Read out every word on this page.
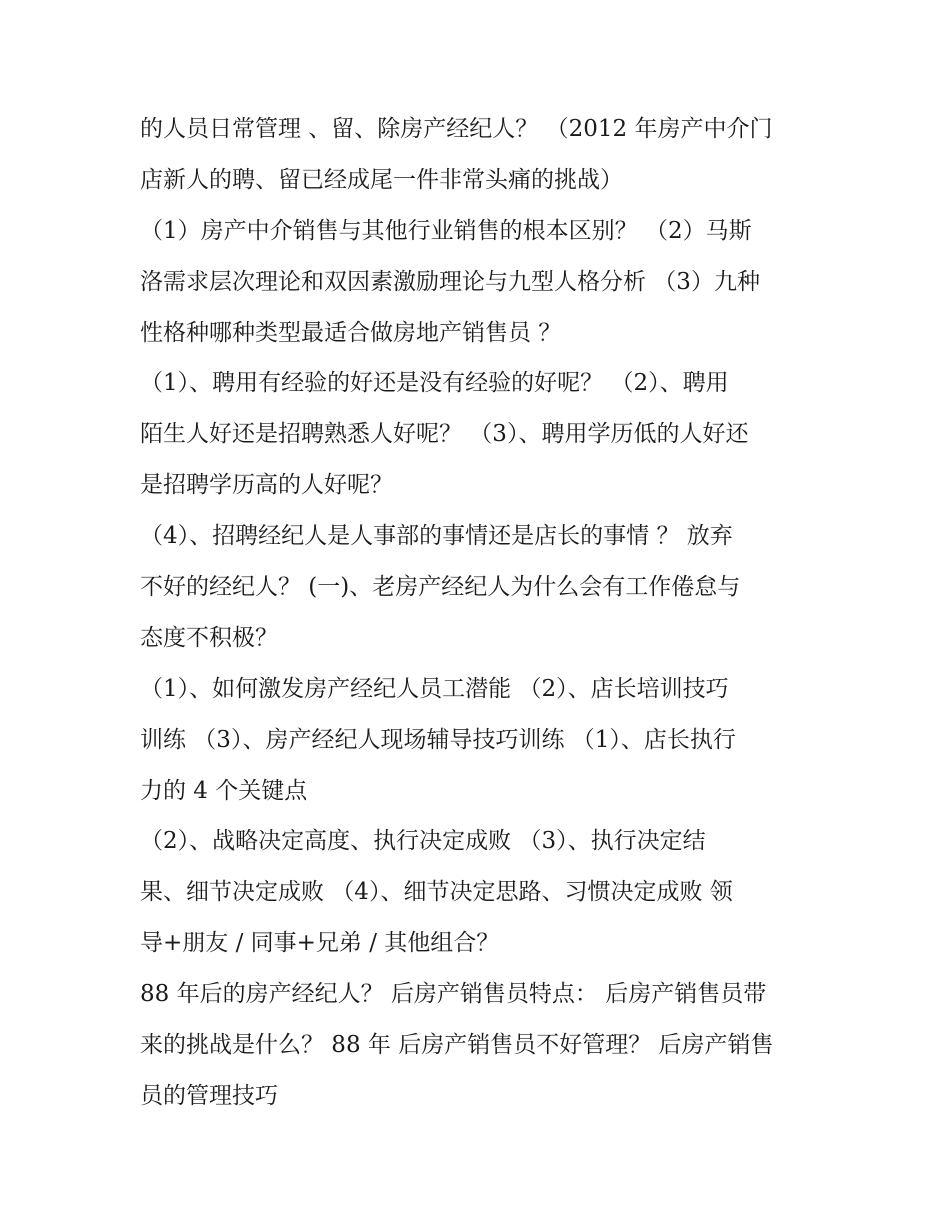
的人员日常管理 、留、除房产经纪人？ （2012 年房产中介门
店新人的聘、留已经成尾一件非常头痛的挑战）
（1）房产中介销售与其他行业销售的根本区别？ （2）马斯
洛需求层次理论和双因素激励理论与九型人格分析 （3）九种
性格种哪种类型最适合做房地产销售员 ？
（1）、聘用有经验的好还是没有经验的好呢？ （2）、聘用
陌生人好还是招聘熟悉人好呢？ （3）、聘用学历低的人好还
是招聘学历高的人好呢？
（4）、招聘经纪人是人事部的事情还是店长的事情 ？ 放弃
不好的经纪人？ (一)、老房产经纪人为什么会有工作倦怠与
态度不积极？
（1）、如何激发房产经纪人员工潜能 （2）、店长培训技巧
训练 （3）、房产经纪人现场辅导技巧训练 （1）、店长执行
力的 4 个关键点
（2）、战略决定高度、执行决定成败 （3）、执行决定结
果、细节决定成败 （4）、细节决定思路、习惯决定成败 领
导+朋友 / 同事+兄弟 / 其他组合？
88 年后的房产经纪人？ 后房产销售员特点： 后房产销售员带
来的挑战是什么？ 88 年 后房产销售员不好管理？ 后房产销售
员的管理技巧
